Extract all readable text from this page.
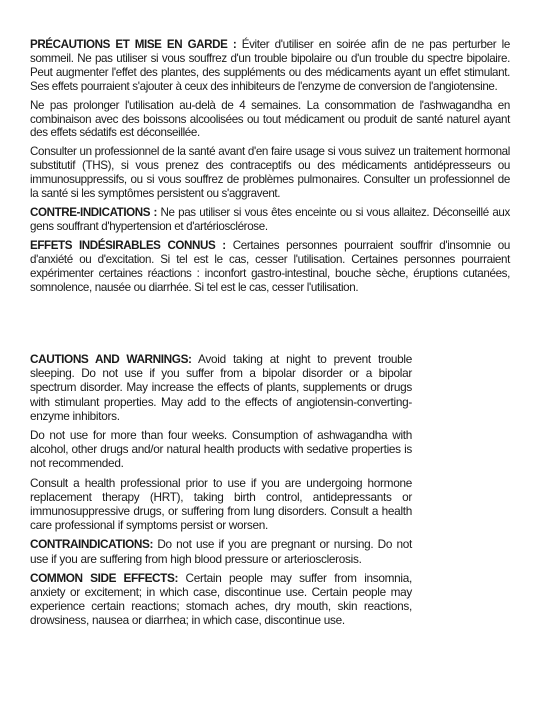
PRÉCAUTIONS ET MISE EN GARDE : Éviter d'utiliser en soirée afin de ne pas perturber le sommeil. Ne pas utiliser si vous souffrez d'un trouble bipolaire ou d'un trouble du spectre bipolaire. Peut augmenter l'effet des plantes, des suppléments ou des médicaments ayant un effet stimulant. Ses effets pourraient s'ajouter à ceux des inhibiteurs de l'enzyme de conversion de l'angiotensine.

Ne pas prolonger l'utilisation au-delà de 4 semaines. La consommation de l'ashwagandha en combinaison avec des boissons alcoolisées ou tout médicament ou produit de santé naturel ayant des effets sédatifs est déconseillée.

Consulter un professionnel de la santé avant d'en faire usage si vous suivez un traitement hormonal substitutif (THS), si vous prenez des contraceptifs ou des médicaments antidépresseurs ou immunosuppressifs, ou si vous souffrez de problèmes pulmonaires. Consulter un professionnel de la santé si les symptômes persistent ou s'aggravent.

CONTRE-INDICATIONS : Ne pas utiliser si vous êtes enceinte ou si vous allaitez. Déconseillé aux gens souffrant d'hypertension et d'artériosclérose.

EFFETS INDÉSIRABLES CONNUS : Certaines personnes pourraient souffrir d'insomnie ou d'anxiété ou d'excitation. Si tel est le cas, cesser l'utilisation. Certaines personnes pourraient expérimenter certaines réactions : inconfort gastro-intestinal, bouche sèche, éruptions cutanées, somnolence, nausée ou diarrhée. Si tel est le cas, cesser l'utilisation.

CAUTIONS AND WARNINGS: Avoid taking at night to prevent trouble sleeping. Do not use if you suffer from a bipolar disorder or a bipolar spectrum disorder. May increase the effects of plants, supplements or drugs with stimulant properties. May add to the effects of angiotensin-converting-enzyme inhibitors.

Do not use for more than four weeks. Consumption of ashwagandha with alcohol, other drugs and/or natural health products with sedative properties is not recommended.

Consult a health professional prior to use if you are undergoing hormone replacement therapy (HRT), taking birth control, antidepressants or immunosuppressive drugs, or suffering from lung disorders. Consult a health care professional if symptoms persist or worsen.

CONTRAINDICATIONS: Do not use if you are pregnant or nursing. Do not use if you are suffering from high blood pressure or arteriosclerosis.

COMMON SIDE EFFECTS: Certain people may suffer from insomnia, anxiety or excitement; in which case, discontinue use. Certain people may experience certain reactions; stomach aches, dry mouth, skin reactions, drowsiness, nausea or diarrhea; in which case, discontinue use.
